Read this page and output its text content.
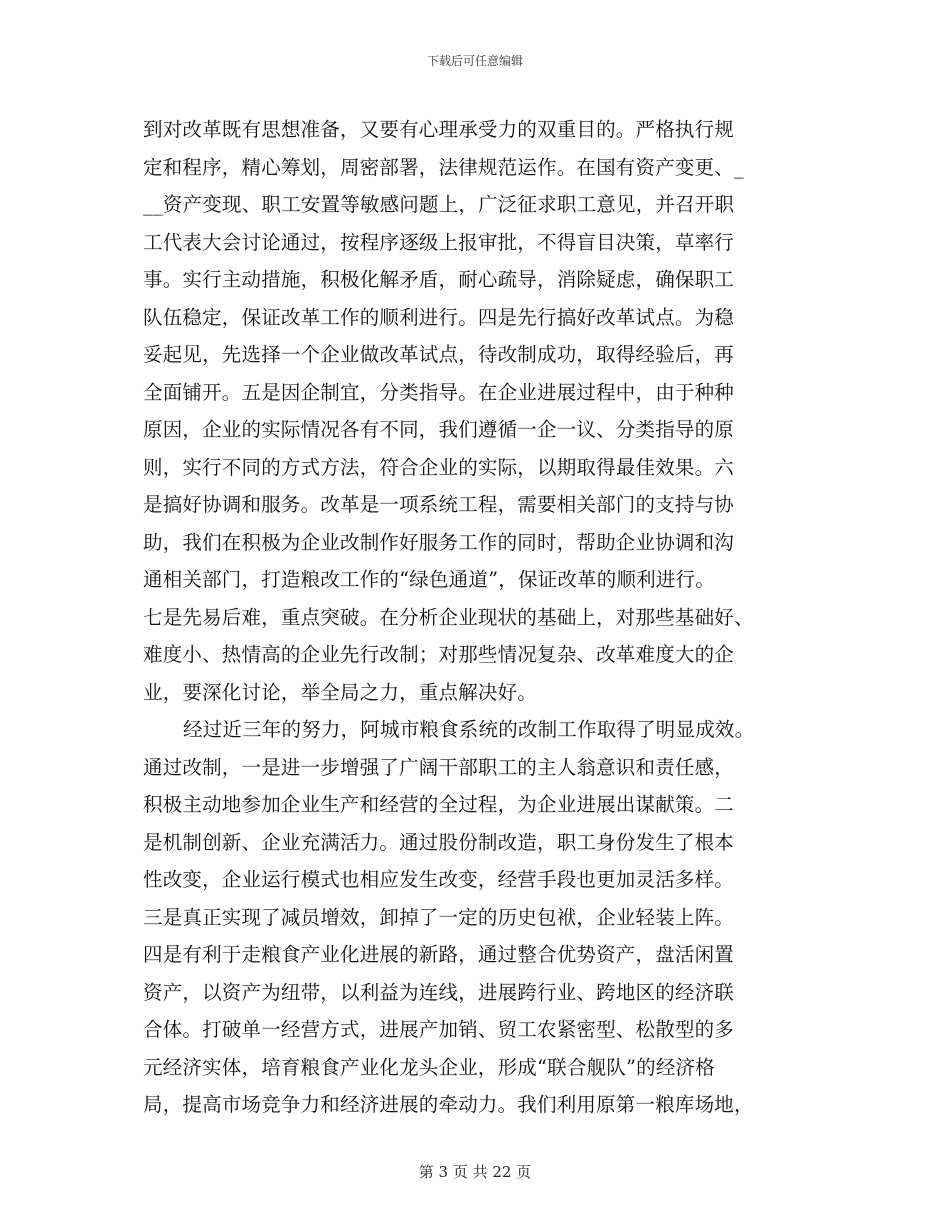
下载后可任意编辑
到对改革既有思想准备，又要有心理承受力的双重目的。严格执行规
定和程序，精心筹划，周密部署，法律规范运作。在国有资产变更、_
__资产变现、职工安置等敏感问题上，广泛征求职工意见，并召开职
工代表大会讨论通过，按程序逐级上报审批，不得盲目决策，草率行
事。实行主动措施，积极化解矛盾，耐心疏导，消除疑虑，确保职工
队伍稳定，保证改革工作的顺利进行。四是先行搞好改革试点。为稳
妥起见，先选择一个企业做改革试点，待改制成功，取得经验后，再
全面铺开。五是因企制宜，分类指导。在企业进展过程中，由于种种
原因，企业的实际情况各有不同，我们遵循一企一议、分类指导的原
则，实行不同的方式方法，符合企业的实际，以期取得最佳效果。六
是搞好协调和服务。改革是一项系统工程，需要相关部门的支持与协
助，我们在积极为企业改制作好服务工作的同时，帮助企业协调和沟
通相关部门，打造粮改工作的“绿色通道”，保证改革的顺利进行。
七是先易后难，重点突破。在分析企业现状的基础上，对那些基础好、
难度小、热情高的企业先行改制；对那些情况复杂、改革难度大的企
业，要深化讨论，举全局之力，重点解决好。
经过近三年的努力，阿城市粮食系统的改制工作取得了明显成效。
通过改制，一是进一步增强了广阔干部职工的主人翁意识和责任感，
积极主动地参加企业生产和经营的全过程，为企业进展出谋献策。二
是机制创新、企业充满活力。通过股份制改造，职工身份发生了根本
性改变，企业运行模式也相应发生改变，经营手段也更加灵活多样。
三是真正实现了减员增效，卸掉了一定的历史包袱，企业轻装上阵。
四是有利于走粮食产业化进展的新路，通过整合优势资产，盘活闲置
资产，以资产为纽带，以利益为连线，进展跨行业、跨地区的经济联
合体。打破单一经营方式，进展产加销、贸工农紧密型、松散型的多
元经济实体，培育粮食产业化龙头企业，形成“联合舰队”的经济格
局，提高市场竞争力和经济进展的牵动力。我们利用原第一粮库场地，
第 3 页 共 22 页
